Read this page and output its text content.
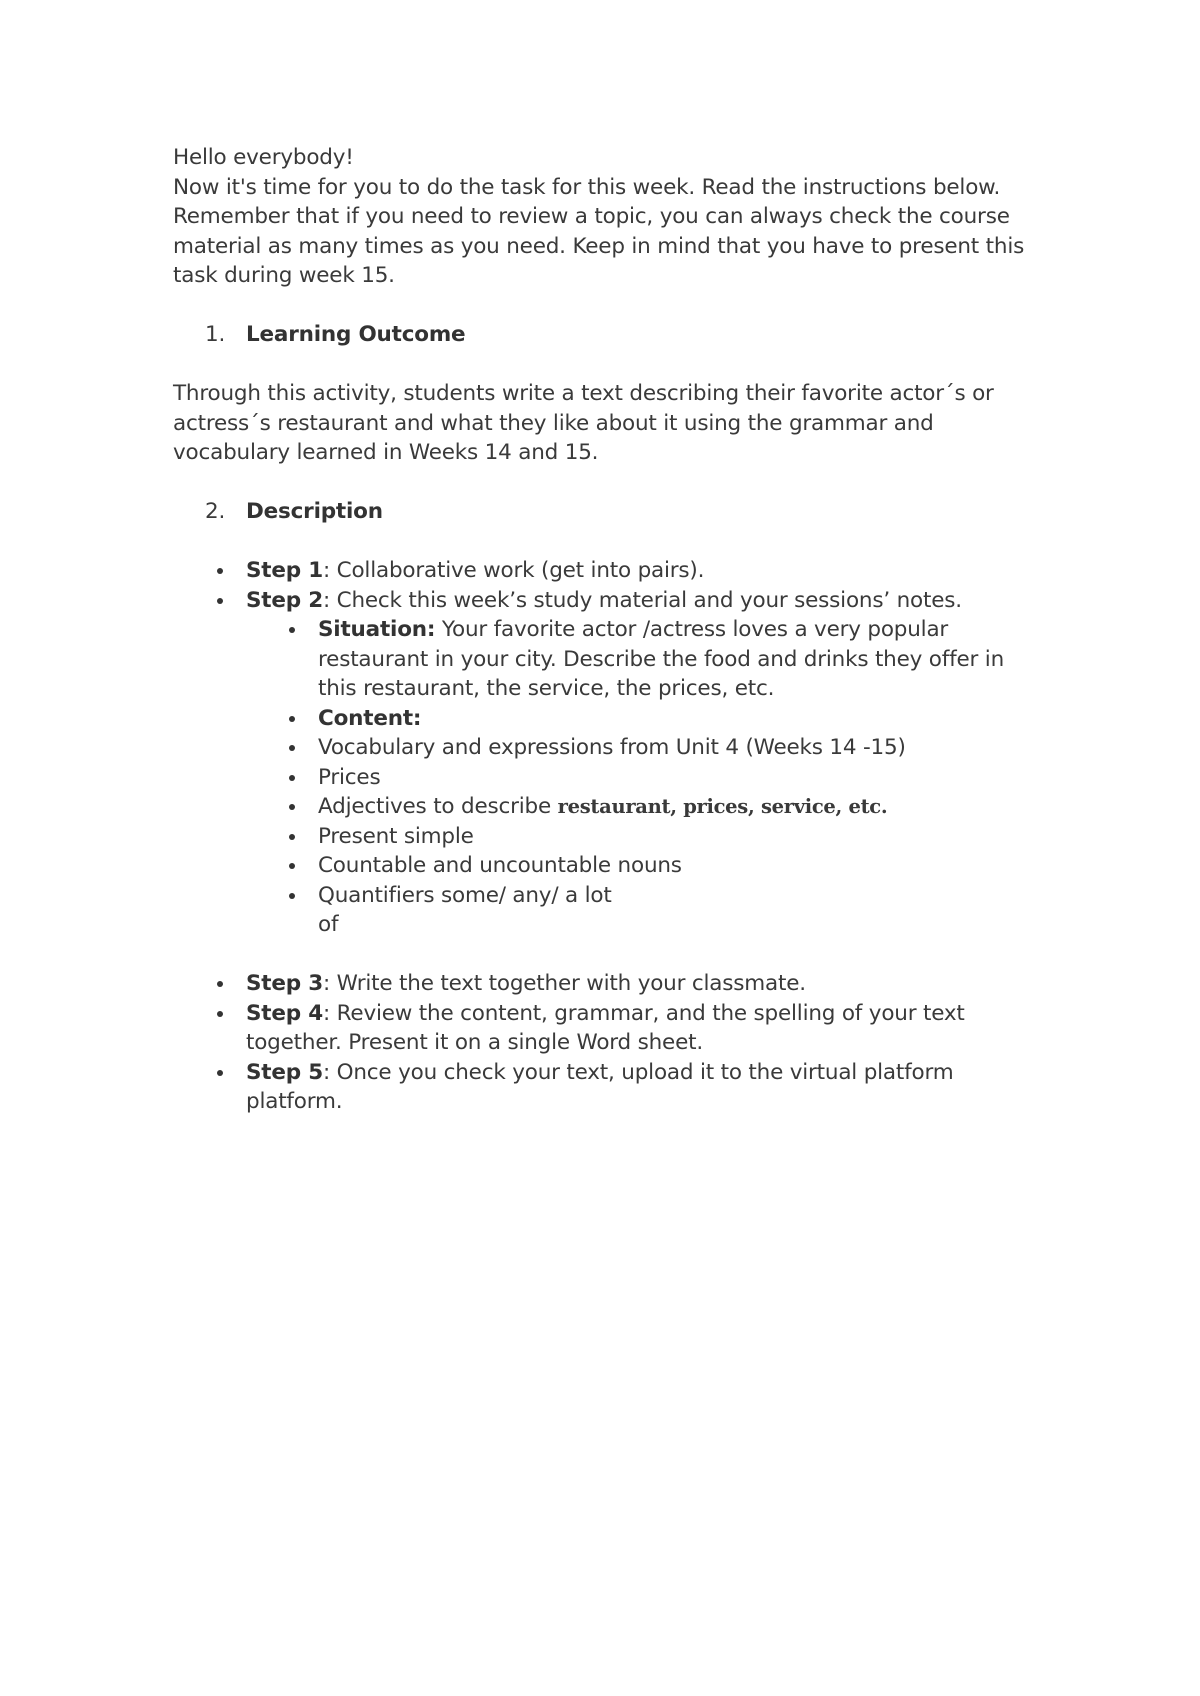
Hello everybody!

Now it's time for you to do the task for this week. Read the instructions below. Remember that if you need to review a topic, you can always check the course material as many times as you need. Keep in mind that you have to present this task during week 15.

1. Learning Outcome

Through this activity, students write a text describing their favorite actor´s or actress´s restaurant and what they like about it using the grammar and vocabulary learned in Weeks 14 and 15.

2. Description
Step 1: Collaborative work (get into pairs).
Step 2: Check this week’s study material and your sessions’ notes.
Situation: Your favorite actor /actress loves a very popular restaurant in your city. Describe the food and drinks they offer in this restaurant, the service, the prices, etc.
Content:
Vocabulary and expressions from Unit 4 (Weeks 14 -15)
Prices
Adjectives to describe restaurant, prices, service, etc.
Present simple
Countable and uncountable nouns
Quantifiers some/ any/ a lot of
Step 3: Write the text together with your classmate.
Step 4: Review the content, grammar, and the spelling of your text together. Present it on a single Word sheet.
Step 5: Once you check your text, upload it to the virtual platform platform.
